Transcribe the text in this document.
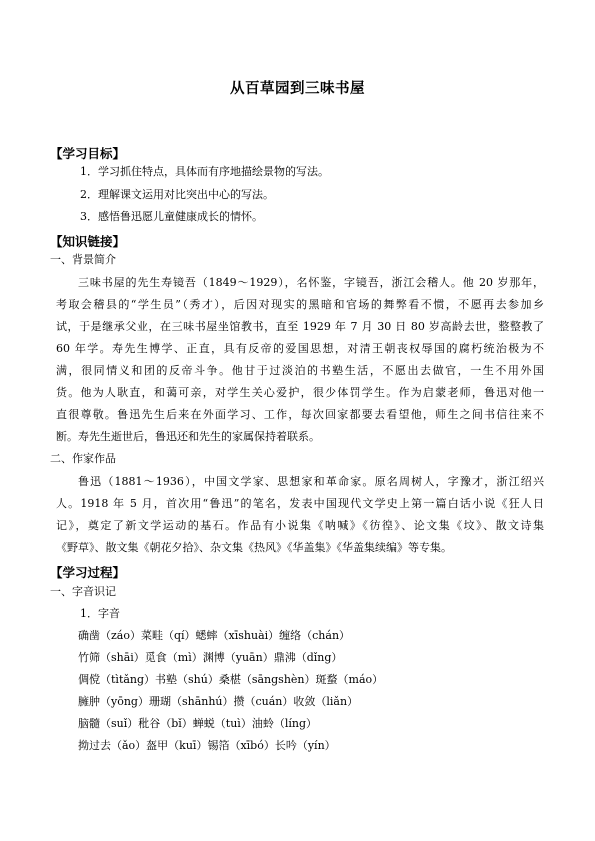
从百草园到三味书屋
【学习目标】
1．学习抓住特点，具体而有序地描绘景物的写法。
2．理解课文运用对比突出中心的写法。
3．感悟鲁迅愿儿童健康成长的情怀。
【知识链接】
一、背景简介
三味书屋的先生寿镜吾（1849～1929），名怀鉴，字镜吾，浙江会稽人。他 20 岁那年，
考取会稽县的“学生员”（秀才），后因对现实的黑暗和官场的舞弊看不惯，不愿再去参加乡
试，于是继承父业，在三味书屋坐馆教书，直至 1929 年 7 月 30 日 80 岁高龄去世，整整教了
60 年学。寿先生博学、正直，具有反帝的爱国思想，对清王朝丧权辱国的腐朽统治极为不
满，很同情义和团的反帝斗争。他甘于过淡泊的书塾生活，不愿出去做官，一生不用外国
货。他为人耿直，和蔼可亲，对学生关心爱护，很少体罚学生。作为启蒙老师，鲁迅对他一
直很尊敬。鲁迅先生后来在外面学习、工作，每次回家都要去看望他，师生之间书信往来不
断。寿先生逝世后，鲁迅还和先生的家属保持着联系。
二、作家作品
鲁迅（1881～1936），中国文学家、思想家和革命家。原名周树人，字豫才，浙江绍兴
人。1918 年 5 月，首次用“鲁迅”的笔名，发表中国现代文学史上第一篇白话小说《狂人日
记》，奠定了新文学运动的基石。作品有小说集《呐喊》《彷徨》、论文集《坟》、散文诗集
《野草》、散文集《朝花夕拾》、杂文集《热风》《华盖集》《华盖集续编》等专集。
【学习过程】
一、字音识记
1．字音
确凿（záo）菜畦（qí）蟋蟀（xīshuài）缠络（chán）
竹筛（shāi）觅食（mì）渊博（yuān）鼎沸（dǐng）
倜傥（tìtǎng）书塾（shú）桑椹（sāngshèn）斑蝥（máo）
臃肿（yōng）珊瑚（shānhú）攒（cuán）收敛（liǎn）
脑髓（suǐ）秕谷（bǐ）蝉蜕（tuì）油蛉（líng）
拗过去（ǎo）盔甲（kuī）锡箔（xībó）长吟（yín）
